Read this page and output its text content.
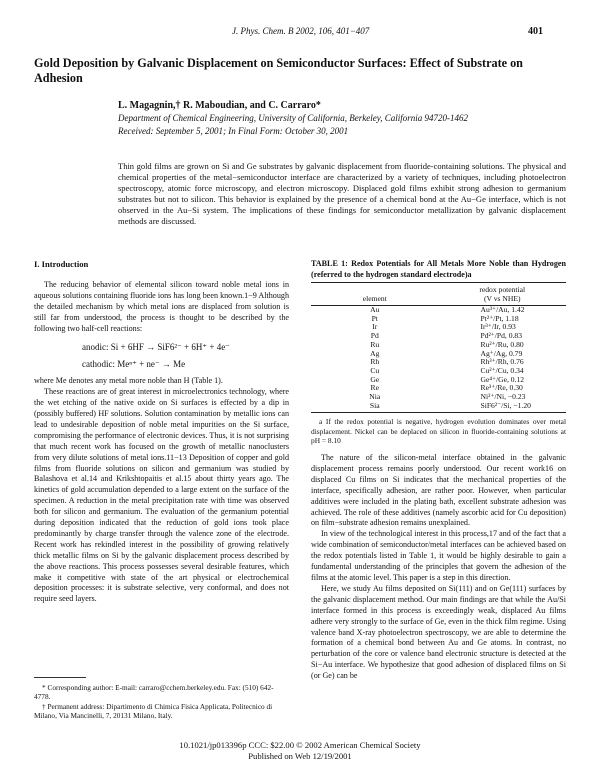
J. Phys. Chem. B 2002, 106, 401−407	401
Gold Deposition by Galvanic Displacement on Semiconductor Surfaces: Effect of Substrate on Adhesion
L. Magagnin,† R. Maboudian, and C. Carraro*
Department of Chemical Engineering, University of California, Berkeley, California 94720-1462
Received: September 5, 2001; In Final Form: October 30, 2001
Thin gold films are grown on Si and Ge substrates by galvanic displacement from fluoride-containing solutions. The physical and chemical properties of the metal−semiconductor interface are characterized by a variety of techniques, including photoelectron spectroscopy, atomic force microscopy, and electron microscopy. Displaced gold films exhibit strong adhesion to germanium substrates but not to silicon. This behavior is explained by the presence of a chemical bond at the Au−Ge interface, which is not observed in the Au−Si system. The implications of these findings for semiconductor metallization by galvanic displacement methods are discussed.
I. Introduction

The reducing behavior of elemental silicon toward noble metal ions in aqueous solutions containing fluoride ions has long been known.1−9 Although the detailed mechanism by which metal ions are displaced from solution is still far from understood, the process is thought to be described by the following two half-cell reactions:

anodic: Si + 6HF → SiF6²⁻ + 6H⁺ + 4e⁻
cathodic: Meⁿ⁺ + ne⁻ → Me

where Me denotes any metal more noble than H (Table 1).

These reactions are of great interest in microelectronics technology, where the wet etching of the native oxide on Si surfaces is effected by a dip in (possibly buffered) HF solutions. Solution contamination by metallic ions can lead to undesirable deposition of noble metal impurities on the Si surface, compromising the performance of electronic devices. Thus, it is not surprising that much recent work has focused on the growth of metallic nanoclusters from very dilute solutions of metal ions.11−13 Deposition of copper and gold films from fluoride solutions on silicon and germanium was studied by Balashova et al.14 and Krikshtopaitis et al.15 about thirty years ago. The kinetics of gold accumulation depended to a large extent on the surface of the specimen. A reduction in the metal precipitation rate with time was observed both for silicon and germanium. The evaluation of the germanium potential during deposition indicated that the reduction of gold ions took place predominantly by charge transfer through the valence zone of the electrode. Recent work has rekindled interest in the possibility of growing relatively thick metallic films on Si by the galvanic displacement process described by the above reactions. This process possesses several desirable features, which make it competitive with state of the art physical or electrochemical deposition processes: it is substrate selective, very conformal, and does not require seed layers.

* Corresponding author: E-mail: carraro@cchem.berkeley.edu. Fax: (510) 642-4778.
† Permanent address: Dipartimento di Chimica Fisica Applicata, Politecnico di Milano, Via Mancinelli, 7, 20131 Milano, Italy.
TABLE 1: Redox Potentials for All Metals More Noble than Hydrogen (referred to the hydrogen standard electrode)a
element	redox potential
(V vs NHE)
Au	Au³⁺/Au, 1.42
Pt	Pt²⁺/Pt, 1.18
Ir	Ir³⁺/Ir, 0.93
Pd	Pd²⁺/Pd, 0.83
Ru	Ru²⁺/Ru, 0.80
Ag	Ag⁺/Ag, 0.79
Rh	Rh³⁺/Rh, 0.76
Cu	Cu²⁺/Cu, 0.34
Ge	Ge⁴⁺/Ge, 0.12
Re	Re³⁺/Re, 0.30
Nia	Ni²⁺/Ni, −0.23
Sia	SiF6²⁻/Si, −1.20
a If the redox potential is negative, hydrogen evolution dominates over metal displacement. Nickel can be deplaced on silicon in fluoride-containing solutions at pH = 8.10

The nature of the silicon-metal interface obtained in the galvanic displacement process remains poorly understood. Our recent work16 on displaced Cu films on Si indicates that the mechanical properties of the interface, specifically adhesion, are rather poor. However, when particular additives were included in the plating bath, excellent substrate adhesion was achieved. The role of these additives (namely ascorbic acid for Cu deposition) on film−substrate adhesion remains unexplained.

In view of the technological interest in this process,17 and of the fact that a wide combination of semiconductor/metal interfaces can be achieved based on the redox potentials listed in Table 1, it would be highly desirable to gain a fundamental understanding of the principles that govern the adhesion of the films at the atomic level. This paper is a step in this direction.

Here, we study Au films deposited on Si(111) and on Ge(111) surfaces by the galvanic displacement method. Our main findings are that while the Au/Si interface formed in this process is exceedingly weak, displaced Au films adhere very strongly to the surface of Ge, even in the thick film regime. Using valence band X-ray photoelectron spectroscopy, we are able to determine the formation of a chemical bond between Au and Ge atoms. In contrast, no perturbation of the core or valence band electronic structure is detected at the Si−Au interface. We hypothesize that good adhesion of displaced films on Si (or Ge) can be

10.1021/jp013396p CCC: $22.00 © 2002 American Chemical Society
Published on Web 12/19/2001
